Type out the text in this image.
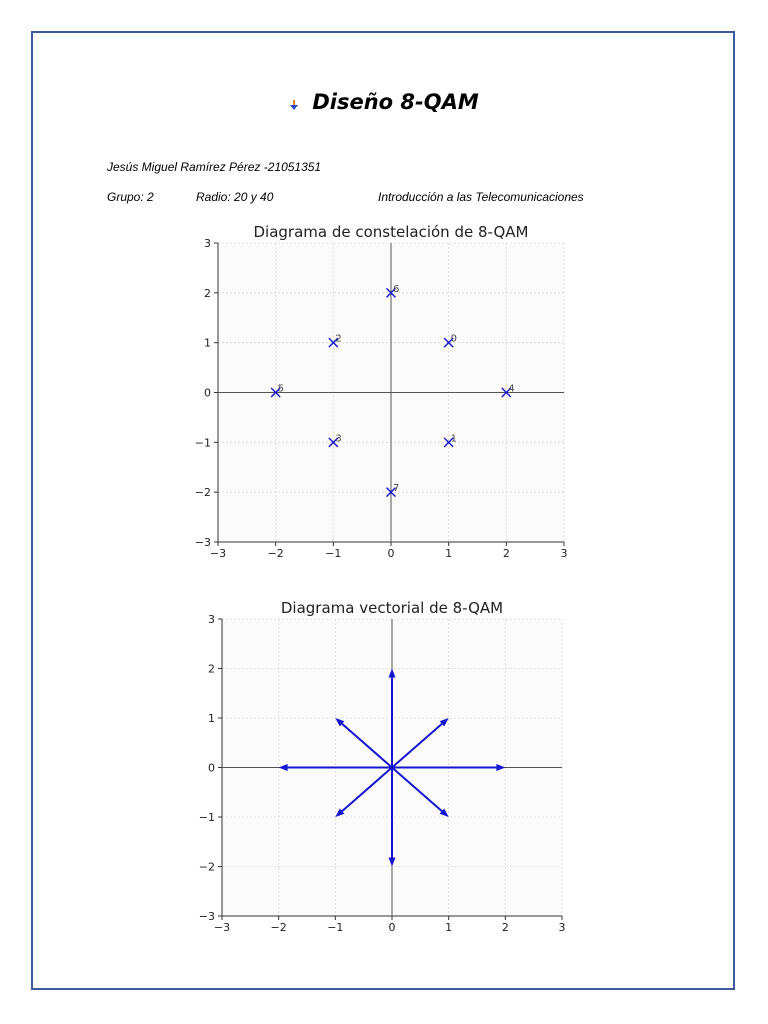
Diseño 8-QAM
Jesús Miguel Ramírez Pérez -21051351
Grupo: 2	Radio: 20 y 40	Introducción a las Telecomunicaciones
Diagrama de constelación de 8-QAM
−3	−2	−1	0	1	2	3
−3
−2
−1
0
1
2
3
0
1
2
3
4
5
6
7
Diagrama vectorial de 8-QAM
−3	−2	−1	0	1	2	3
−3
−2
−1
0
1
2
3
